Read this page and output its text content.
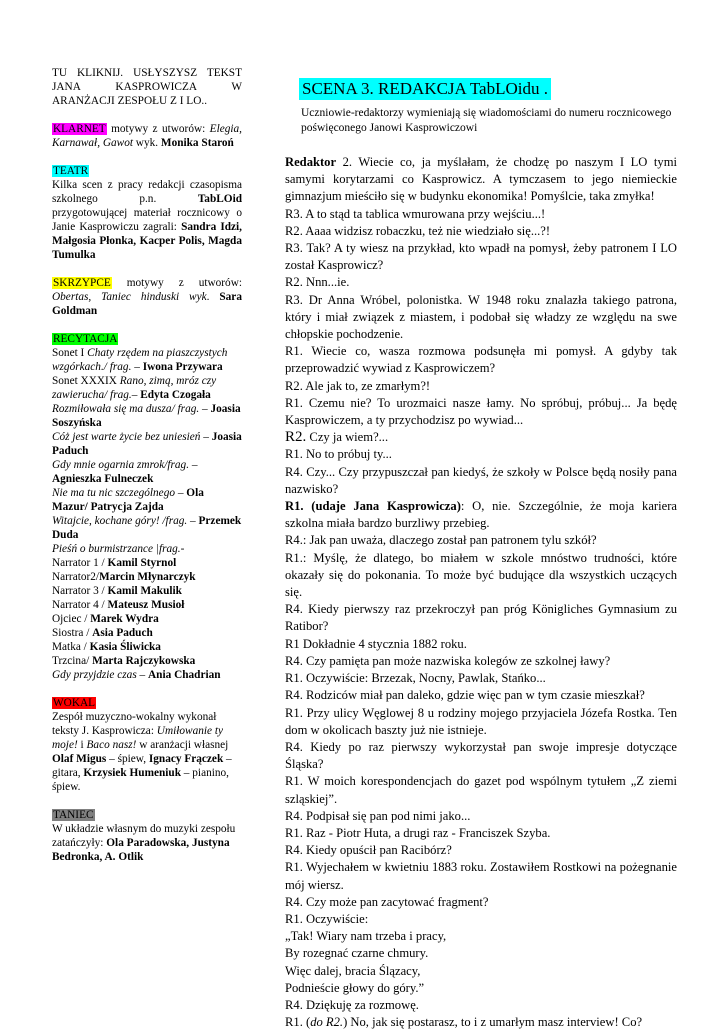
TU KLIKNIJ. USŁYSZYSZ TEKST JANA KASPROWICZA W ARANŻACJI ZESPOŁU Z I LO..
KLARNET motywy z utworów: Elegia, Karnawał, Gawot wyk. Monika Staroń
TEATR
Kilka scen z pracy redakcji czasopisma szkolnego p.n. TabLOid przygotowującej materiał rocznicowy o Janie Kasprowiczu zagrali: Sandra Idzi, Małgosia Płonka, Kacper Polis, Magda Tumulka
SKRZYPCE motywy z utworów: Obertas, Taniec hinduski wyk. Sara Goldman
RECYTACJA
Sonet I Chaty rzędem na piaszczystych wzgórkach./ frag. – Iwona Przywara
Sonet XXXIX Rano, zimą, mróz czy zawierucha/ frag.– Edyta Czogała
Rozmiłowała się ma dusza/ frag. – Joasia Soszyńska
Cóż jest warte życie bez uniesień – Joasia Paduch
Gdy mnie ogarnia zmrok/frag. –Agnieszka Fulneczek
Nie ma tu nic szczególnego – Ola Mazur/ Patrycja Zajda
Witajcie, kochane góry! /frag. – Przemek Duda
Pieśń o burmistrzance |frag.-
Narrator 1 / Kamil Styrnol
Narrator2/Marcin Młynarczyk
Narrator 3 / Kamil Makulik
Narrator 4 / Mateusz Musioł
Ojciec / Marek Wydra
Siostra / Asia Paduch
Matka / Kasia Śliwicka
Trzcina/ Marta Rajczykowska
Gdy przyjdzie czas – Ania Chadrian
WOKAL
Zespół muzyczno-wokalny wykonał teksty J. Kasprowicza: Umiłowanie ty moje! i Baco nasz! w aranżacji własnej Olaf Migus – śpiew, Ignacy Frączek – gitara, Krzysiek Humeniuk – pianino, śpiew.
TANIEC
W układzie własnym do muzyki zespołu zatańczyły: Ola Paradowska, Justyna Bedronka, A. Otlik
SCENA 3. REDAKCJA TabLOidu .
Uczniowie-redaktorzy wymieniają się wiadomościami do numeru rocznicowego poświęconego Janowi Kasprowiczowi

Redaktor 2. Wiecie co, ja myślałam, że chodzę po naszym I LO tymi samymi korytarzami co Kasprowicz. A tymczasem to jego niemieckie gimnazjum mieściło się w budynku ekonomika! Pomyślcie, taka zmyłka!

R3. A to stąd ta tablica wmurowana przy wejściu...!

R2. Aaaa widzisz robaczku, też nie wiedziało się...?!

R3. Tak? A ty wiesz na przykład, kto wpadł na pomysł, żeby patronem I LO został Kasprowicz?

R2. Nnn...ie.

R3. Dr Anna Wróbel, polonistka. W 1948 roku znalazła takiego patrona, który i miał związek z miastem, i podobał się władzy ze względu na swe chłopskie pochodzenie.

R1. Wiecie co, wasza rozmowa podsunęła mi pomysł. A gdyby tak przeprowadzić wywiad z Kasprowiczem?

R2. Ale jak to, ze zmarłym?!

R1. Czemu nie? To urozmaici nasze łamy. No spróbuj, próbuj... Ja będę Kasprowiczem, a ty przychodzisz po wywiad...

R2. Czy ja wiem?...

R1. No to próbuj ty...

R4. Czy... Czy przypuszczał pan kiedyś, że szkoły w Polsce będą nosiły pana nazwisko?

R1. (udaje Jana Kasprowicza): O, nie. Szczególnie, że moja kariera szkolna miała bardzo burzliwy przebieg.

R4.: Jak pan uważa, dlaczego został pan patronem tylu szkół?

R1.: Myślę, że dlatego, bo miałem w szkole mnóstwo trudności, które okazały się do pokonania. To może być budujące dla wszystkich uczących się.

R4. Kiedy pierwszy raz przekroczył pan próg Königliches Gymnasium zu Ratibor?

R1 Dokładnie 4 stycznia 1882 roku.

R4. Czy pamięta pan może nazwiska kolegów ze szkolnej ławy?

R1. Oczywiście: Brzezak, Nocny, Pawlak, Stańko...

R4. Rodziców miał pan daleko, gdzie więc pan w tym czasie mieszkał?

R1. Przy ulicy Węglowej 8 u rodziny mojego przyjaciela Józefa Rostka. Ten dom w okolicach baszty już nie istnieje.

R4. Kiedy po raz pierwszy wykorzystał pan swoje impresje dotyczące Śląska?

R1. W moich korespondencjach do gazet pod wspólnym tytułem „Z ziemi szląskiej”.

R4. Podpisał się pan pod nimi jako...

R1. Raz - Piotr Huta, a drugi raz - Franciszek Szyba.

R4. Kiedy opuścił pan Racibórz?

R1. Wyjechałem w kwietniu 1883 roku. Zostawiłem Rostkowi na pożegnanie mój wiersz.

R4. Czy może pan zacytować fragment?

R1. Oczywiście:

„Tak! Wiary nam trzeba i pracy,

By rozegnać czarne chmury.

Więc dalej, bracia Ślązacy,

Podnieście głowy do góry.”

R4. Dziękuję za rozmowę.

R1. (do R2.) No, jak się postarasz, to i z umarłym masz interview! Co?
